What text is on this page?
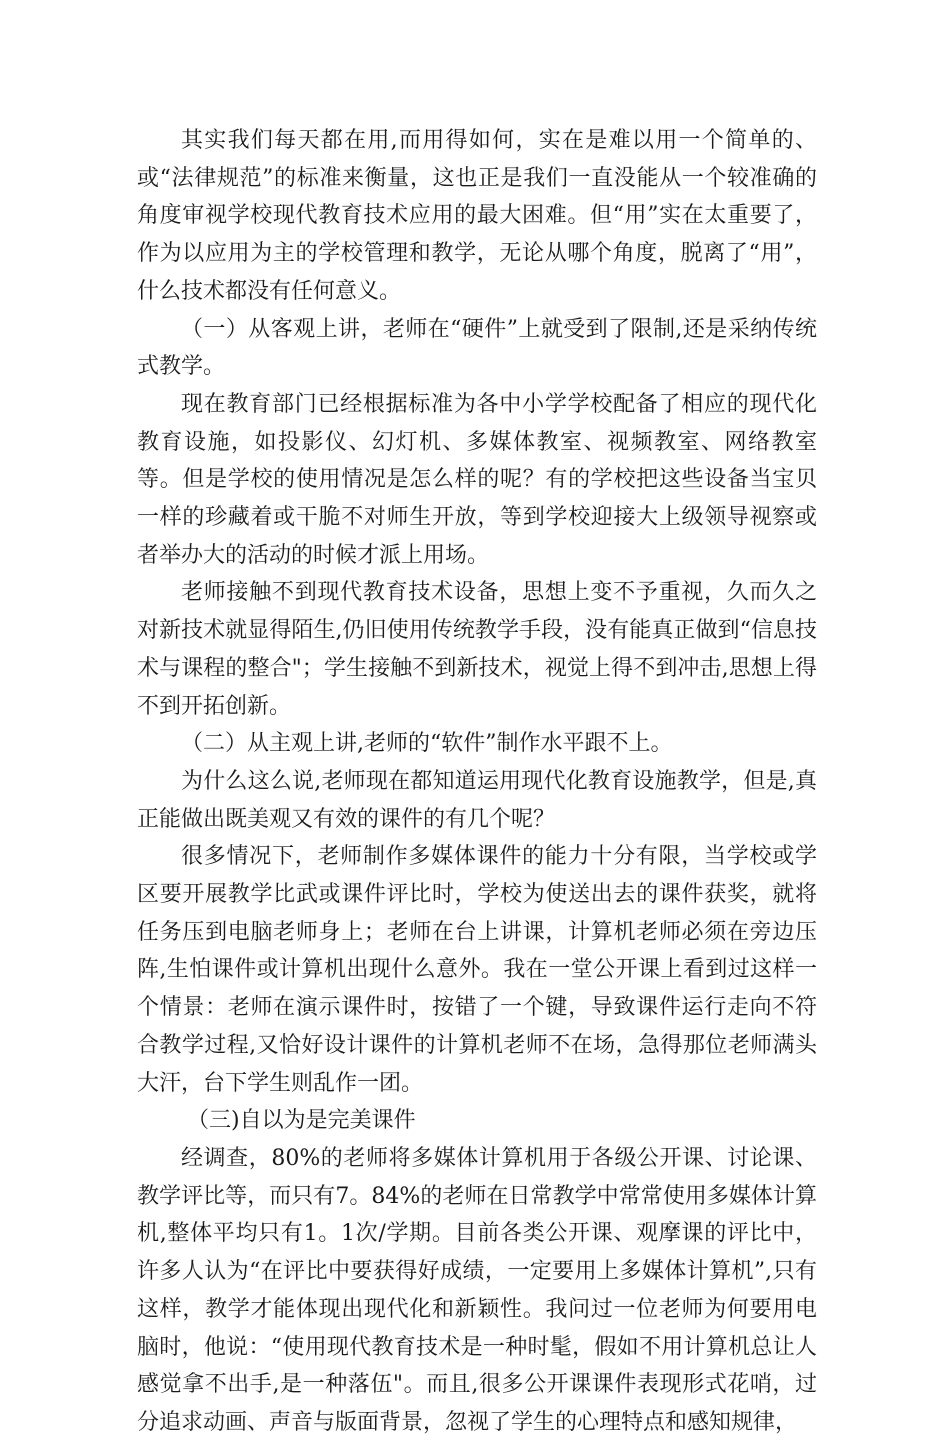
其实我们每天都在用,而用得如何，实在是难以用一个简单的、或“法律规范”的标准来衡量，这也正是我们一直没能从一个较准确的角度审视学校现代教育技术应用的最大困难。但“用”实在太重要了，作为以应用为主的学校管理和教学，无论从哪个角度，脱离了“用”，什么技术都没有任何意义。

（一）从客观上讲，老师在“硬件”上就受到了限制,还是采纳传统式教学。

现在教育部门已经根据标准为各中小学学校配备了相应的现代化教育设施，如投影仪、幻灯机、多媒体教室、视频教室、网络教室等。但是学校的使用情况是怎么样的呢？有的学校把这些设备当宝贝一样的珍藏着或干脆不对师生开放，等到学校迎接大上级领导视察或者举办大的活动的时候才派上用场。

老师接触不到现代教育技术设备，思想上变不予重视，久而久之对新技术就显得陌生,仍旧使用传统教学手段，没有能真正做到“信息技术与课程的整合"；学生接触不到新技术，视觉上得不到冲击,思想上得不到开拓创新。

（二）从主观上讲,老师的“软件”制作水平跟不上。

为什么这么说,老师现在都知道运用现代化教育设施教学，但是,真正能做出既美观又有效的课件的有几个呢？

很多情况下，老师制作多媒体课件的能力十分有限，当学校或学区要开展教学比武或课件评比时，学校为使送出去的课件获奖，就将任务压到电脑老师身上；老师在台上讲课，计算机老师必须在旁边压阵,生怕课件或计算机出现什么意外。我在一堂公开课上看到过这样一个情景：老师在演示课件时，按错了一个键，导致课件运行走向不符合教学过程,又恰好设计课件的计算机老师不在场，急得那位老师满头大汗，台下学生则乱作一团。

（三)自以为是完美课件

经调查，80%的老师将多媒体计算机用于各级公开课、讨论课、教学评比等，而只有7。84%的老师在日常教学中常常使用多媒体计算机,整体平均只有1。1次/学期。目前各类公开课、观摩课的评比中，许多人认为“在评比中要获得好成绩，一定要用上多媒体计算机”,只有这样，教学才能体现出现代化和新颖性。我问过一位老师为何要用电脑时，他说：“使用现代教育技术是一种时髦，假如不用计算机总让人感觉拿不出手,是一种落伍"。而且,很多公开课课件表现形式花哨，过分追求动画、声音与版面背景，忽视了学生的心理特点和感知规律，
